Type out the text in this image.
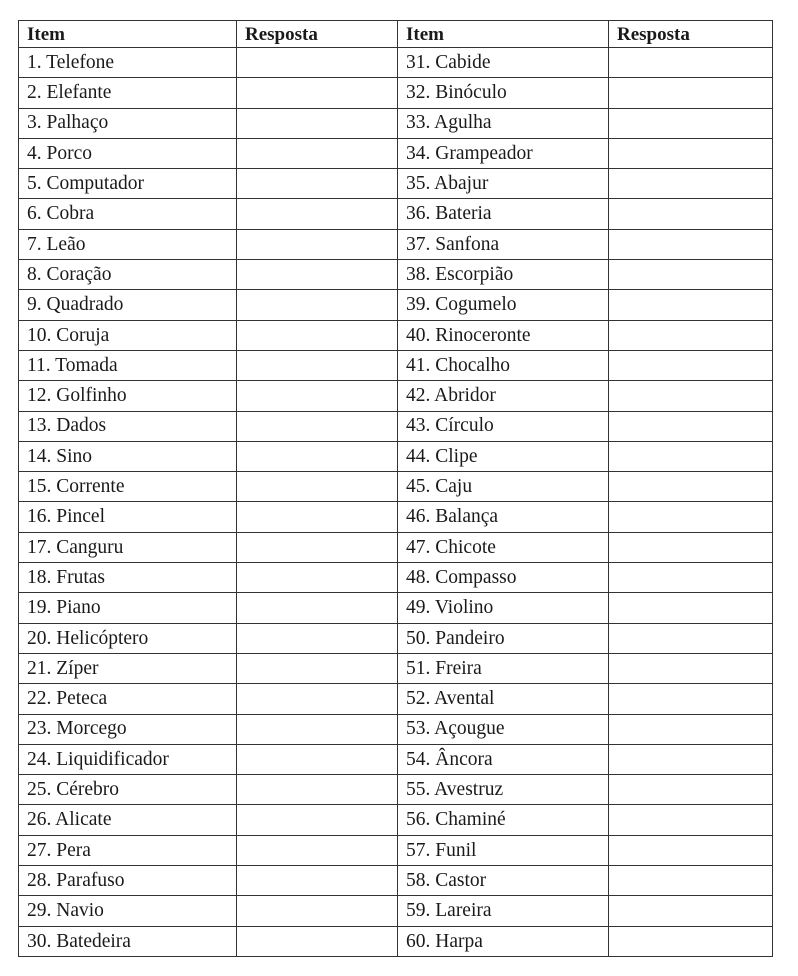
Item	Resposta	Item	Resposta
1. Telefone		31. Cabide	
2. Elefante		32. Binóculo	
3. Palhaço		33. Agulha	
4. Porco		34. Grampeador	
5. Computador		35. Abajur	
6. Cobra		36. Bateria	
7. Leão		37. Sanfona	
8. Coração		38. Escorpião	
9. Quadrado		39. Cogumelo	
10. Coruja		40. Rinoceronte	
11. Tomada		41. Chocalho	
12. Golfinho		42. Abridor	
13. Dados		43. Círculo	
14. Sino		44. Clipe	
15. Corrente		45. Caju	
16. Pincel		46. Balança	
17. Canguru		47. Chicote	
18. Frutas		48. Compasso	
19. Piano		49. Violino	
20. Helicóptero		50. Pandeiro	
21. Zíper		51. Freira	
22. Peteca		52. Avental	
23. Morcego		53. Açougue	
24. Liquidificador		54. Âncora	
25. Cérebro		55. Avestruz	
26. Alicate		56. Chaminé	
27. Pera		57. Funil	
28. Parafuso		58. Castor	
29. Navio		59. Lareira	
30. Batedeira		60. Harpa	
